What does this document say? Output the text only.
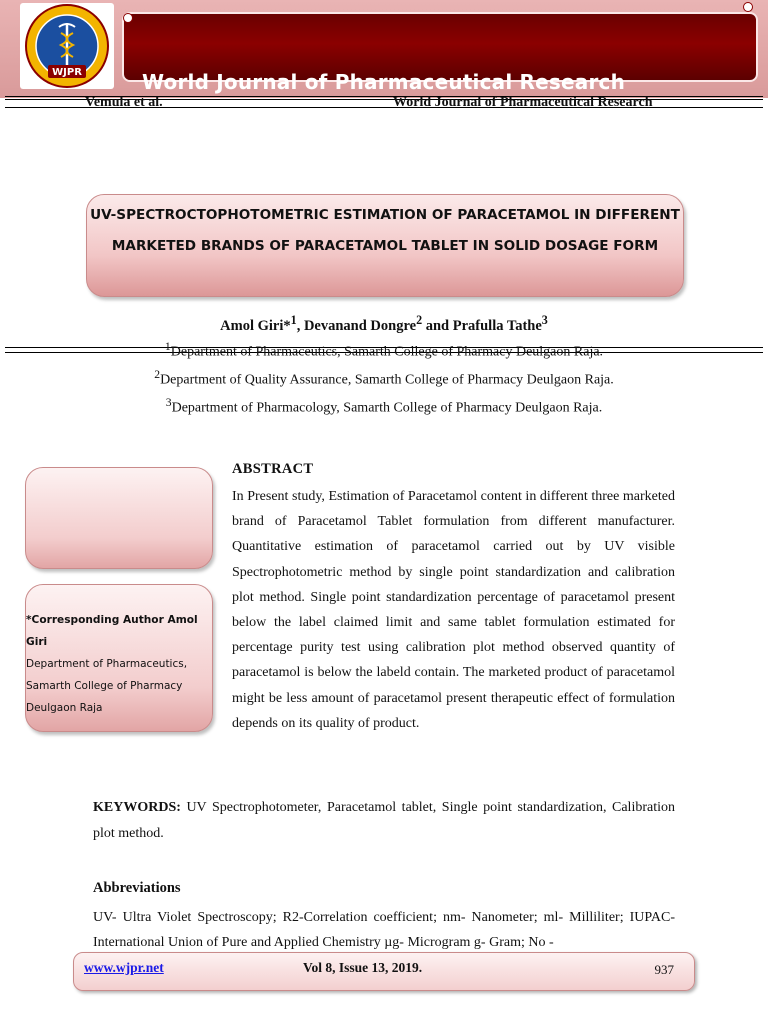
WJPR	World Journal of Pharmaceutical Research
Vemula et al.	World Journal of Pharmaceutical Research
UV-SPECTROCTOPHOTOMETRIC ESTIMATION OF PARACETAMOL IN DIFFERENT
MARKETED BRANDS OF PARACETAMOL TABLET IN SOLID DOSAGE FORM
Amol Giri*$^1$, Devanand Dongre$^2$ and Prafulla Tathe$^3$
$^1$Department of Pharmaceutics, Samarth College of Pharmacy Deulgaon Raja.
$^2$Department of Quality Assurance, Samarth College of Pharmacy Deulgaon Raja.
$^3$Department of Pharmacology, Samarth College of Pharmacy Deulgaon Raja.
*Corresponding Author Amol Giri
Department of Pharmaceutics,
Samarth College of Pharmacy
Deulgaon Raja
ABSTRACT
In Present study, Estimation of Paracetamol content in different three marketed brand of Paracetamol Tablet formulation from different manufacturer. Quantitative estimation of paracetamol carried out by UV visible Spectrophotometric method by single point standardization and calibration plot method. Single point standardization percentage of paracetamol present below the label claimed limit and same tablet formulation estimated for percentage purity test using calibration plot method observed quantity of paracetamol is below the labeld contain. The marketed product of paracetamol might be less amount of paracetamol present therapeutic effect of formulation depends on its quality of product.
KEYWORDS: UV Spectrophotometer, Paracetamol tablet, Single point standardization, Calibration plot method.
Abbreviations
UV- Ultra Violet Spectroscopy; R2-Correlation coefficient; nm- Nanometer; ml- Milliliter; IUPAC- International Union of Pure and Applied Chemistry µg- Microgram g- Gram; No -
www.wjpr.net	Vol 8, Issue 13, 2019.	937
